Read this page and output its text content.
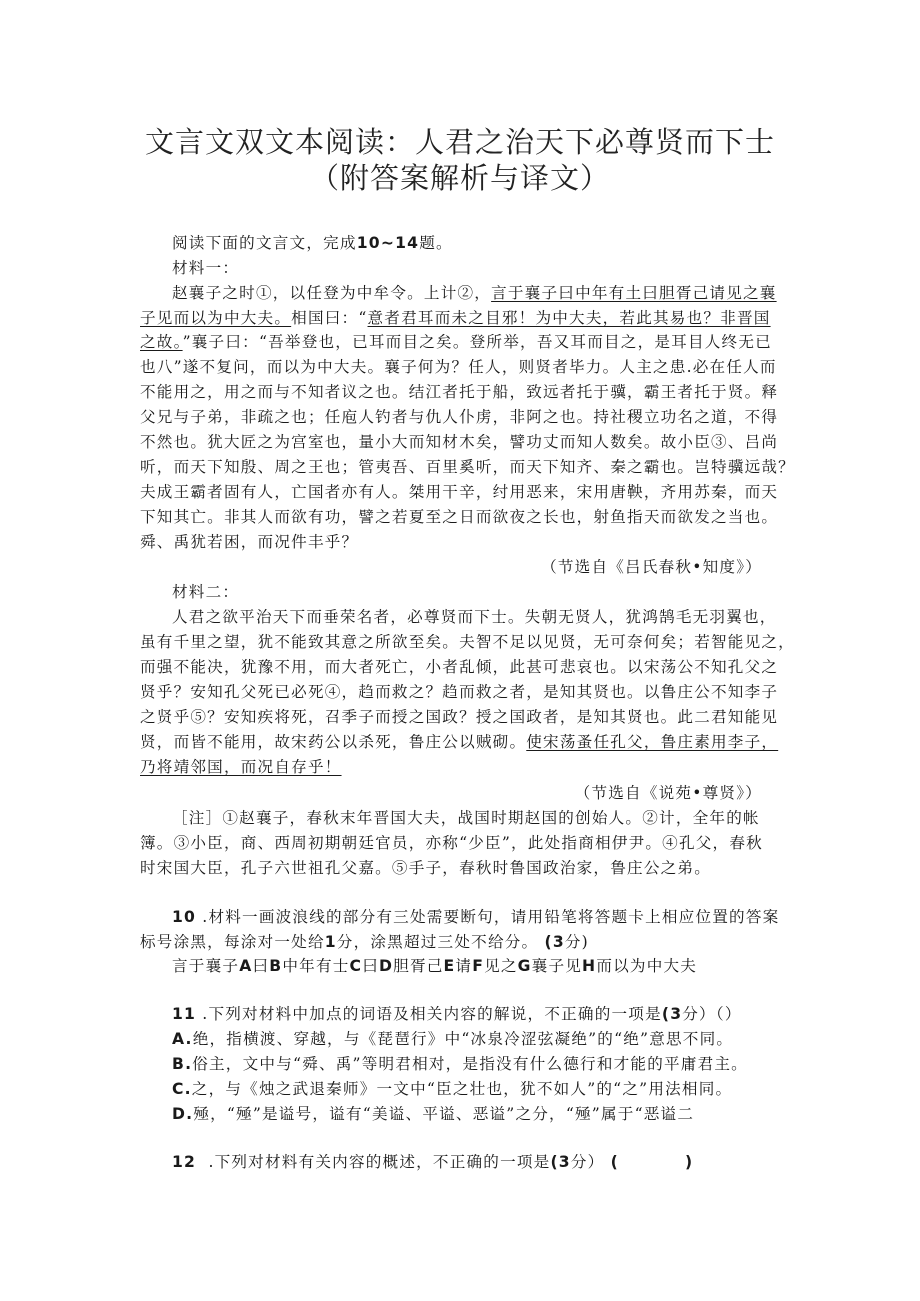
文言文双文本阅读：人君之治天下必尊贤而下士
（附答案解析与译文）
阅读下面的文言文，完成10~14题。
材料一：
赵襄子之时①，以任登为中牟令。上计②，言于襄子曰中年有土曰胆胥己请见之襄
子见而以为中大夫。相国曰：“意者君耳而未之目邪！为中大夫，若此其易也？非晋国
之故。”襄子曰：“吾举登也，已耳而目之矣。登所举，吾又耳而目之，是耳目人终无已
也八”遂不复问，而以为中大夫。襄子何为？任人，则贤者毕力。人主之患.必在任人而
不能用之，用之而与不知者议之也。结江者托于船，致远者托于骥，霸王者托于贤。释
父兄与子弟，非疏之也；任庖人钓者与仇人仆虏，非阿之也。持社稷立功名之道，不得
不然也。犹大匠之为宫室也，量小大而知材木矣，譬功丈而知人数矣。故小臣③、吕尚
听，而天下知殷、周之王也；管夷吾、百里奚听，而天下知齐、秦之霸也。岂特骥远哉？
夫成王霸者固有人，亡国者亦有人。桀用干辛，纣用恶来，宋用唐鞅，齐用苏秦，而天
下知其亡。非其人而欲有功，譬之若夏至之日而欲夜之长也，射鱼指天而欲发之当也。
舜、禹犹若困，而况件丰乎？
（节选自《吕氏春秋•知度》）
材料二：
人君之欲平治天下而垂荣名者，必尊贤而下士。失朝无贤人，犹鸿鹄毛无羽翼也，
虽有千里之望，犹不能致其意之所欲至矣。夫智不足以见贤，无可奈何矣；若智能见之，
而强不能决，犹豫不用，而大者死亡，小者乱倾，此甚可悲哀也。以宋荡公不知孔父之
贤乎？安知孔父死已必死④，趋而救之？趋而救之者，是知其贤也。以鲁庄公不知李子
之贤乎⑤？安知疾将死，召季子而授之国政？授之国政者，是知其贤也。此二君知能见
贤，而皆不能用，故宋药公以杀死，鲁庄公以贼砌。使宋荡蚤任孔父，鲁庄素用李子，
乃将靖邻国，而况自存乎！
（节选自《说苑•尊贤》）
［注］①赵襄子，春秋末年晋国大夫，战国时期赵国的创始人。②计，全年的帐
簿。③小臣，商、西周初期朝廷官员，亦称“少臣”，此处指商相伊尹。④孔父，春秋
时宋国大臣，孔子六世祖孔父嘉。⑤手子，春秋时鲁国政治家，鲁庄公之弟。
10 .材料一画波浪线的部分有三处需要断句，请用铅笔将答题卡上相应位置的答案
标号涂黑，每涂对一处给1分，涂黑超过三处不给分。 (3分)
言于襄子A曰B中年有士C曰D胆胥己E请F见之G襄子见H而以为中大夫
11 .下列对材料中加点的词语及相关内容的解说，不正确的一项是(3分）（）
A.绝，指横渡、穿越，与《琵琶行》中“冰泉冷涩弦凝绝”的“绝”意思不同。
B.俗主，文中与“舜、禹”等明君相对，是指没有什么德行和才能的平庸君主。
C.之，与《烛之武退秦师》一文中“臣之壮也，犹不如人”的“之”用法相同。
D.殛，“殛”是谥号，谥有“美谥、平谥、恶谥”之分，“殛”属于“恶谥二
12 .下列对材料有关内容的概述，不正确的一项是(3分） (	)
